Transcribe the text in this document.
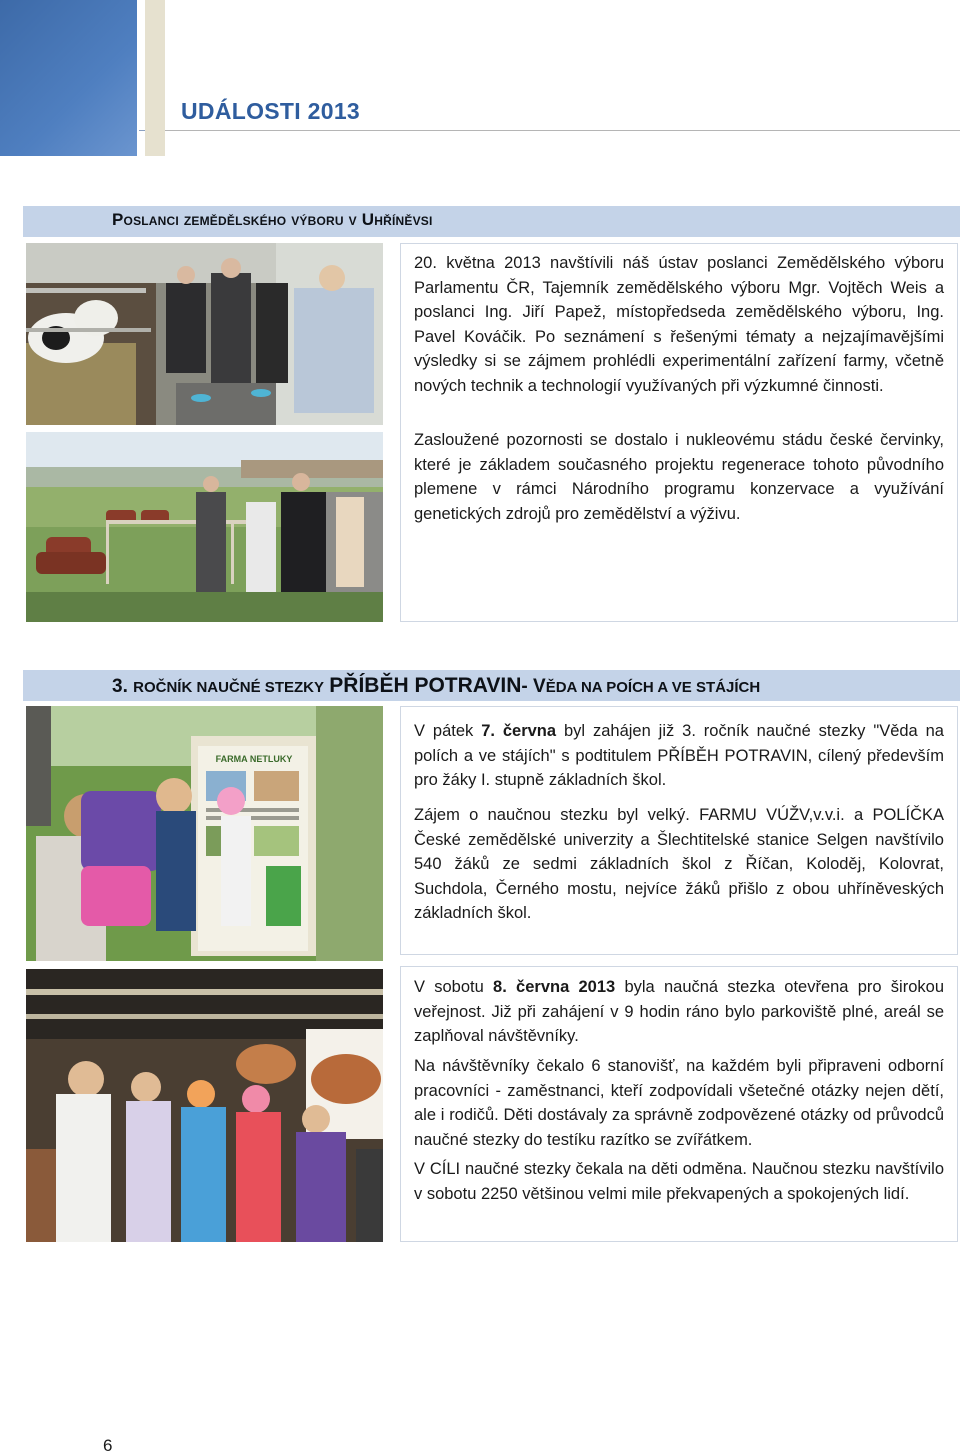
UDÁLOSTI 2013
Poslanci zemědělského výboru v Uhříněvsi
20. května 2013 navštívili náš ústav poslanci Zemědělského výboru Parlamentu ČR, Tajemník zemědělského výboru Mgr. Vojtěch Weis a poslanci Ing. Jiří Papež, místopředseda zemědělského výboru, Ing. Pavel Kováčik. Po seznámení s řešenými tématy a nejzajímavějšími výsledky si se zájmem prohlédli experimentální zařízení farmy, včetně nových technik a technologií využívaných při výzkumné činnosti.
Zasloužené pozornosti se dostalo i nukleovému stádu české červinky, které je základem současného projektu regenerace tohoto původního plemene v rámci Národního programu konzervace a využívání genetických zdrojů pro zemědělství a výživu.
3. ROČNÍK NAUČNÉ STEZKY PŘÍBĚH POTRAVIN- VĚDA NA POÍCH A VE STÁJÍCH
FARMA NETLUKY
V pátek 7. června byl zahájen již 3. ročník naučné stezky "Věda na polích a ve stájích" s podtitulem PŘÍBĚH POTRAVIN, cílený především pro žáky I. stupně základních škol.
Zájem o naučnou stezku byl velký. FARMU VÚŽV,v.v.i. a POLÍČKA České zemědělské univerzity a Šlechtitelské stanice Selgen navštívilo 540 žáků ze sedmi základních škol z Říčan, Koloděj, Kolovrat, Suchdola, Černého mostu, nejvíce žáků přišlo z obou uhříněveských základních škol.
V sobotu 8. června 2013 byla naučná stezka otevřena pro širokou veřejnost. Již při zahájení v 9 hodin ráno bylo parkoviště plné, areál se zaplňoval návštěvníky.
Na návštěvníky čekalo 6 stanovišť, na každém byli připraveni odborní pracovníci - zaměstnanci, kteří zodpovídali všetečné otázky nejen dětí, ale i rodičů. Děti dostávaly za správně zodpovězené otázky od průvodců naučné stezky do testíku razítko se zvířátkem.
V CÍLI naučné stezky čekala na děti odměna. Naučnou stezku navštívilo v sobotu 2250 většinou velmi mile překvapených a spokojených lidí.
6
